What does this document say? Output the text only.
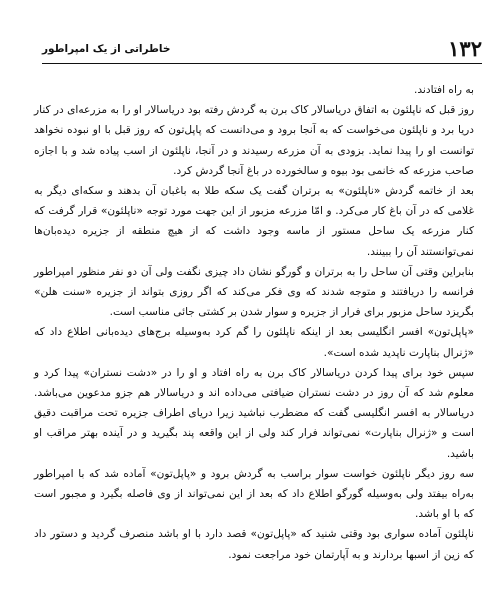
خاطراتی از یک امپراطور	۱۳۲

به راه افتادند.

روز قبل که ناپلئون به اتفاق دریاسالار کاک برن به گردش رفته بود دریاسالار او را به مزرعه‌ای در کنار دریا برد و ناپلئون می‌خواست که به آنجا برود و می‌دانست که پاپل‌تون که روز قبل با او نبوده نخواهد توانست او را پیدا نماید. بزودی به آن مزرعه رسیدند و در آنجا، ناپلئون از اسب پیاده شد و با اجازه صاحب مزرعه که خانمی بود بیوه و سالخورده در باغ آنجا گردش کرد.

بعد از خاتمه گردش «ناپلئون» به برتران گفت یک سکه طلا به باغبان آن بدهند و سکه‌ای دیگر به غلامی که در آن باغ کار می‌کرد. و امّا مزرعه مزبور از این جهت مورد توجه «ناپلئون» قرار گرفت که کنار مزرعه یک ساحل مستور از ماسه وجود داشت که از هیچ منطقه از جزیره دیده‌بان‌ها نمی‌توانستند آن را ببینند.

بنابراین وقتی آن ساحل را به برتران و گورگو نشان داد چیزی نگفت ولی آن دو نفر منظور امپراطور فرانسه را دریافتند و متوجه شدند که وی فکر می‌کند که اگر روزی بتواند از جزیره «سنت هلن» بگریزد ساحل مزبور برای فرار از جزیره و سوار شدن بر کشتی جائی مناسب است.

«پاپل‌تون» افسر انگلیسی بعد از اینکه ناپلئون را گم کرد به‌وسیله برج‌های دیده‌بانی اطلاع داد که «ژنرال بناپارت ناپدید شده است».

سپس خود برای پیدا کردن دریاسالار کاک برن به راه افتاد و او را در «دشت نستران» پیدا کرد و معلوم شد که آن روز در دشت نستران ضیافتی می‌داده اند و دریاسالار هم جزو مدعوین می‌باشد. دریاسالار به افسر انگلیسی گفت که مضطرب نباشید زیرا دریای اطراف جزیره تحت مراقبت دقیق است و «ژنرال بناپارت» نمی‌تواند فرار کند ولی از این واقعه پند بگیرید و در آینده بهتر مراقب او باشید.

سه روز دیگر ناپلئون خواست سوار براسب به گردش برود و «پاپل‌تون» آماده شد که با امپراطور به‌راه بیفتد ولی به‌وسیله گورگو اطلاع داد که بعد از این نمی‌تواند از وی فاصله بگیرد و مجبور است که با او باشد.

ناپلئون آماده سواری بود وقتی شنید که «پاپل‌تون» قصد دارد با او باشد منصرف گردید و دستور داد که زین از اسبها بردارند و به آپارتمان خود مراجعت نمود.
